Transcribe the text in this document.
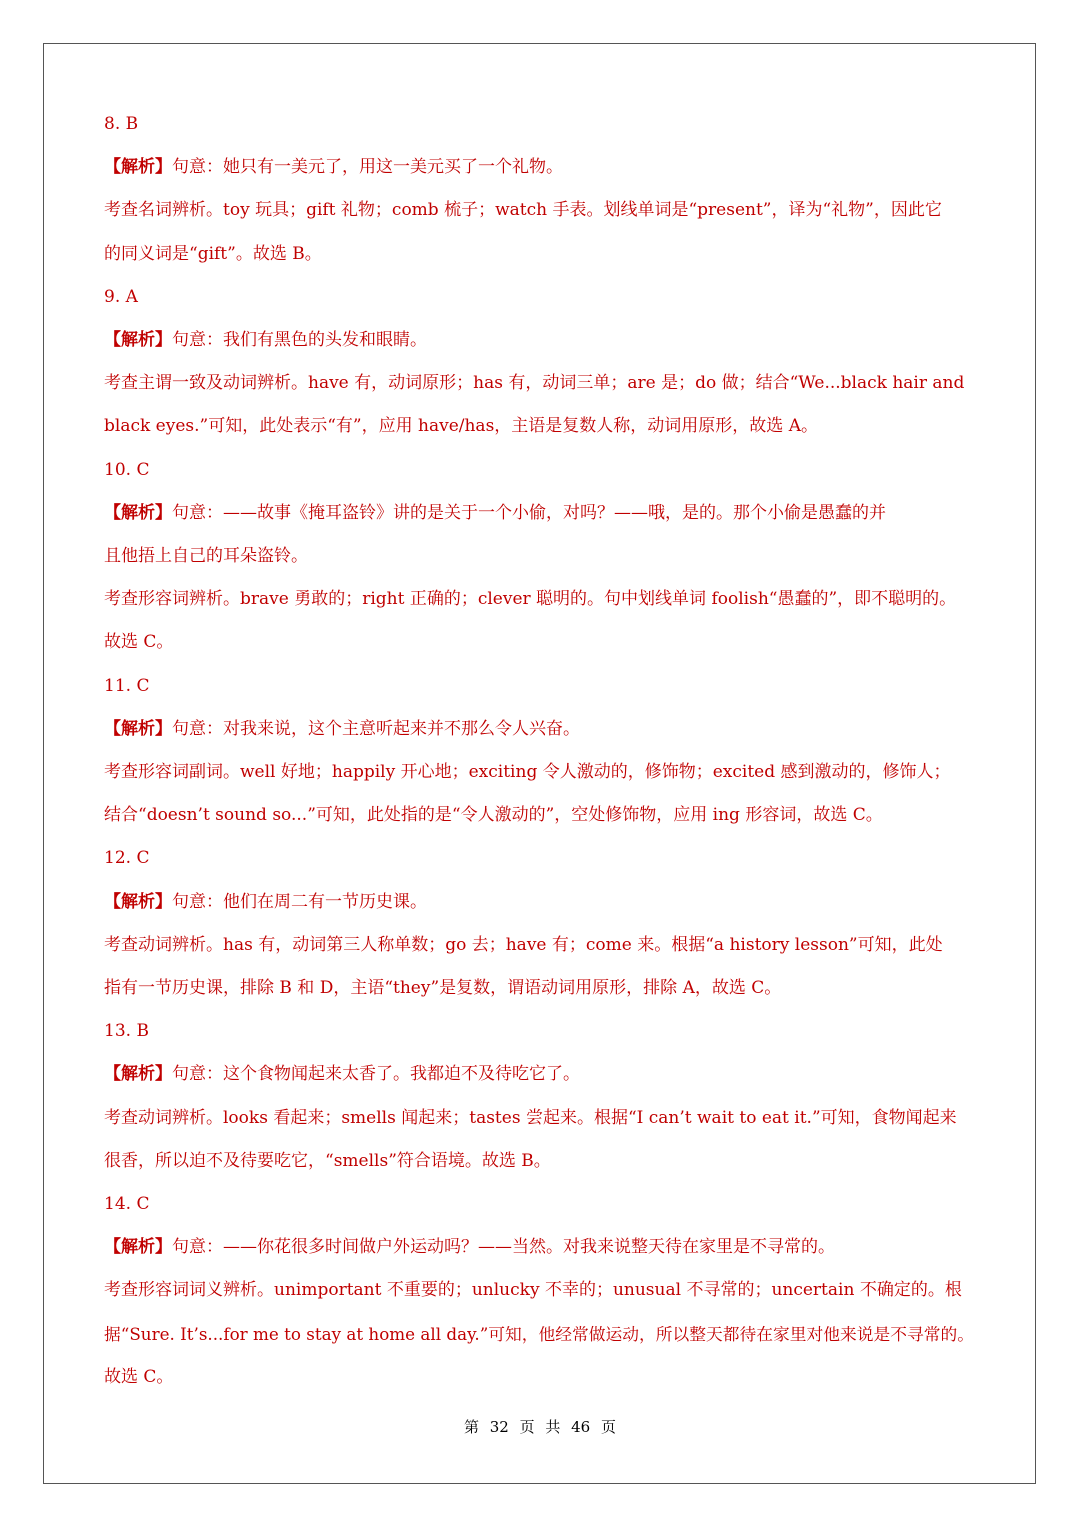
8. B
【解析】句意：她只有一美元了，用这一美元买了一个礼物。
考查名词辨析。toy 玩具；gift 礼物；comb 梳子；watch 手表。划线单词是“present”，译为“礼物”，因此它
的同义词是“gift”。故选 B。
9. A
【解析】句意：我们有黑色的头发和眼睛。
考查主谓一致及动词辨析。have 有，动词原形；has 有，动词三单；are 是；do 做；结合“We...black hair and
black eyes.”可知，此处表示“有”，应用 have/has，主语是复数人称，动词用原形，故选 A。
10. C
【解析】句意：——故事《掩耳盗铃》讲的是关于一个小偷，对吗？——哦，是的。那个小偷是愚蠢的并
且他捂上自己的耳朵盗铃。
考查形容词辨析。brave 勇敢的；right 正确的；clever 聪明的。句中划线单词 foolish“愚蠢的”，即不聪明的。
故选 C。
11. C
【解析】句意：对我来说，这个主意听起来并不那么令人兴奋。
考查形容词副词。well 好地；happily 开心地；exciting 令人激动的，修饰物；excited 感到激动的，修饰人；
结合“doesn’t sound so...”可知，此处指的是“令人激动的”，空处修饰物，应用 ing 形容词，故选 C。
12. C
【解析】句意：他们在周二有一节历史课。
考查动词辨析。has 有，动词第三人称单数；go 去；have 有；come 来。根据“a history lesson”可知，此处
指有一节历史课，排除 B 和 D，主语“they”是复数，谓语动词用原形，排除 A，故选 C。
13. B
【解析】句意：这个食物闻起来太香了。我都迫不及待吃它了。
考查动词辨析。looks 看起来；smells 闻起来；tastes 尝起来。根据“I can’t wait to eat it.”可知，食物闻起来
很香，所以迫不及待要吃它，“smells”符合语境。故选 B。
14. C
【解析】句意：——你花很多时间做户外运动吗？——当然。对我来说整天待在家里是不寻常的。
考查形容词词义辨析。unimportant 不重要的；unlucky 不幸的；unusual 不寻常的；uncertain 不确定的。根
据“Sure. It’s...for me to stay at home all day.”可知，他经常做运动，所以整天都待在家里对他来说是不寻常的。
故选 C。
第 32 页 共 46 页
